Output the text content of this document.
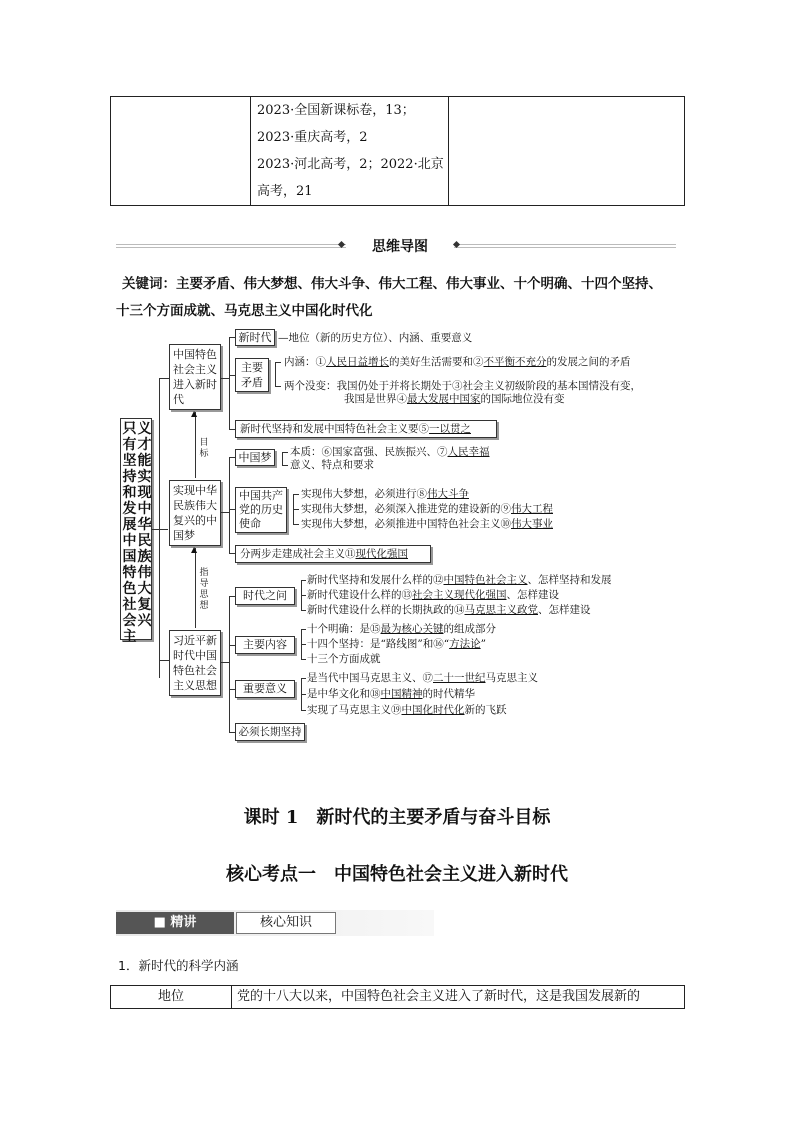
2023·全国新课标卷，13；
2023·重庆高考，2
2023·河北高考，2；2022·北京
高考，21
思维导图
关键词：主要矛盾、伟大梦想、伟大斗争、伟大工程、伟大事业、十个明确、十四个坚持、
十三个方面成就、马克思主义中国化时代化
只有坚持和发展中国特色社会主
义才能实现中华民族伟大复兴
中国特色社会主义进入新时代
实现中华民族伟大复兴的中国梦
习近平新时代中国特色社会主义思想
▲
目标
▲
指导思想
新时代 —地位（新的历史方位）、内涵、重要意义
主要矛盾
内涵：①人民日益增长的美好生活需要和②不平衡不充分的发展之间的矛盾
两个没变：我国仍处于并将长期处于③社会主义初级阶段的基本国情没有变，
我国是世界④最大发展中国家的国际地位没有变
新时代坚持和发展中国特色社会主义要⑤一以贯之
中国梦	本质：⑥国家富强、民族振兴、⑦人民幸福
意义、特点和要求
中国共产党的历史使命
实现伟大梦想，必须进行⑧伟大斗争
实现伟大梦想，必须深入推进党的建设新的⑨伟大工程
实现伟大梦想，必须推进中国特色社会主义⑩伟大事业
分两步走建成社会主义⑪现代化强国
时代之问
新时代坚持和发展什么样的⑫中国特色社会主义、怎样坚持和发展
新时代建设什么样的⑬社会主义现代化强国、怎样建设
新时代建设什么样的长期执政的⑭马克思主义政党、怎样建设
主要内容
十个明确：是⑮最为核心关键的组成部分
十四个坚持：是“路线图”和⑯“方法论”
十三个方面成就
重要意义
是当代中国马克思主义、⑰二十一世纪马克思主义
是中华文化和⑱中国精神的时代精华
实现了马克思主义⑲中国化时代化新的飞跃
必须长期坚持
课时 1　新时代的主要矛盾与奋斗目标
核心考点一　中国特色社会主义进入新时代
■ 精讲	核心知识
1．新时代的科学内涵
地位	党的十八大以来，中国特色社会主义进入了新时代，这是我国发展新的
